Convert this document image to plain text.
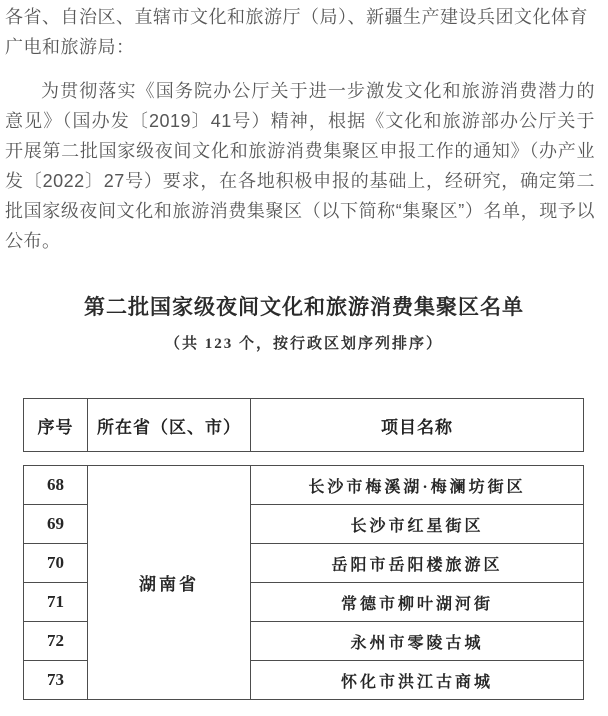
各省、自治区、直辖市文化和旅游厅（局）、新疆生产建设兵团文化体育广电和旅游局：
为贯彻落实《国务院办公厅关于进一步激发文化和旅游消费潜力的意见》（国办发〔2019〕41号）精神，根据《文化和旅游部办公厅关于开展第二批国家级夜间文化和旅游消费集聚区申报工作的通知》（办产业发〔2022〕27号）要求，在各地积极申报的基础上，经研究，确定第二批国家级夜间文化和旅游消费集聚区（以下简称“集聚区”）名单，现予以公布。
第二批国家级夜间文化和旅游消费集聚区名单
（共 123 个，按行政区划序列排序）
序号	所在省（区、市）	项目名称
68	湖南省	长沙市梅溪湖·梅澜坊街区
69		长沙市红星街区
70		岳阳市岳阳楼旅游区
71		常德市柳叶湖河街
72		永州市零陵古城
73		怀化市洪江古商城
